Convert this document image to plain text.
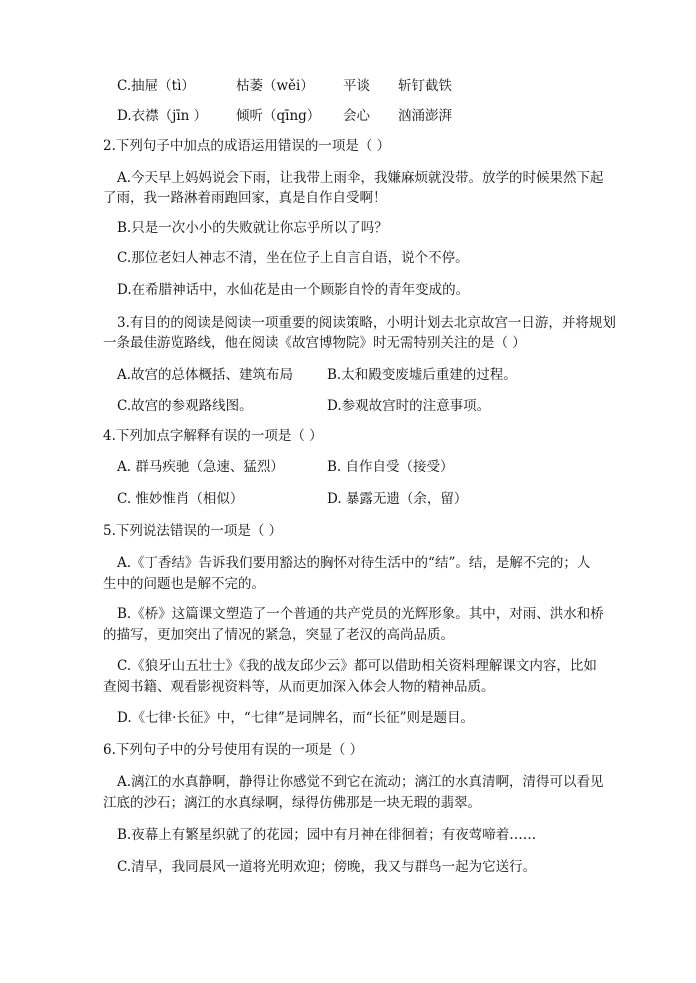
C.抽屉（tì）	枯萎（wěi） 平谈 斩钉截铁
D.衣襟（jīn ） 倾听（qīng） 会心 汹涌澎湃
2.下列句子中加点的成语运用错误的一项是（ ）
A.今天早上妈妈说会下雨，让我带上雨伞，我嫌麻烦就没带。放学的时候果然下起
了雨，我一路淋着雨跑回家，真是自作自受啊！
B.只是一次小小的失败就让你忘乎所以了吗？
C.那位老妇人神志不清，坐在位子上自言自语，说个不停。
D.在希腊神话中，水仙花是由一个顾影自怜的青年变成的。
3.有目的的阅读是阅读一项重要的阅读策略，小明计划去北京故宫一日游，并将规划
一条最佳游览路线，他在阅读《故宫博物院》时无需特别关注的是（ ）
A.故宫的总体概括、建筑布局	B.太和殿变废墟后重建的过程。
C.故宫的参观路线图。	D.参观故宫时的注意事项。
4.下列加点字解释有误的一项是（ ）
A. 群马疾驰（急速、猛烈）	B. 自作自受（接受）
C. 惟妙惟肖（相似）	D. 暴露无遗（余，留）
5.下列说法错误的一项是（ ）
A.《丁香结》告诉我们要用豁达的胸怀对待生活中的“结”。结，是解不完的；人
生中的问题也是解不完的。
B.《桥》这篇课文塑造了一个普通的共产党员的光辉形象。其中，对雨、洪水和桥
的描写，更加突出了情况的紧急，突显了老汉的高尚品质。
C.《狼牙山五壮士》《我的战友邱少云》都可以借助相关资料理解课文内容，比如
查阅书籍、观看影视资料等，从而更加深入体会人物的精神品质。
D.《七律·长征》中，“七律”是词牌名，而“长征”则是题目。
6.下列句子中的分号使用有误的一项是（ ）
A.漓江的水真静啊，静得让你感觉不到它在流动；漓江的水真清啊，清得可以看见
江底的沙石；漓江的水真绿啊，绿得仿佛那是一块无瑕的翡翠。
B.夜幕上有繁星织就了的花园；园中有月神在徘徊着；有夜莺啼着……
C.清早，我同晨风一道将光明欢迎；傍晚，我又与群鸟一起为它送行。
